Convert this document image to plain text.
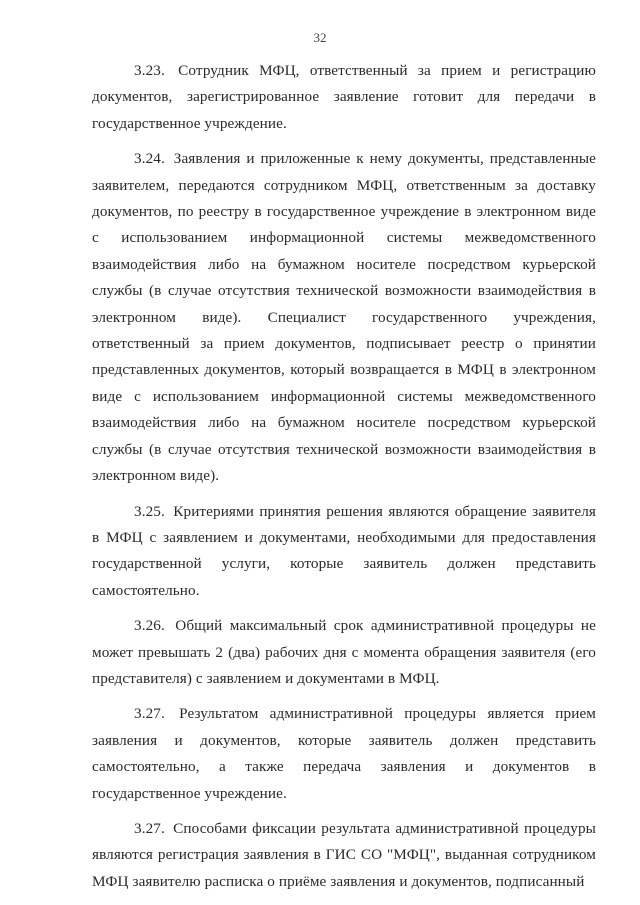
32

3.23. Сотрудник МФЦ, ответственный за прием и регистрацию документов, зарегистрированное заявление готовит для передачи в государственное учреждение.

3.24. Заявления и приложенные к нему документы, представленные заявителем, передаются сотрудником МФЦ, ответственным за доставку документов, по реестру в государственное учреждение в электронном виде с использованием информационной системы межведомственного взаимодействия либо на бумажном носителе посредством курьерской службы (в случае отсутствия технической возможности взаимодействия в электронном виде). Специалист государственного учреждения, ответственный за прием документов, подписывает реестр о принятии представленных документов, который возвращается в МФЦ в электронном виде с использованием информационной системы межведомственного взаимодействия либо на бумажном носителе посредством курьерской службы (в случае отсутствия технической возможности взаимодействия в электронном виде).

3.25. Критериями принятия решения являются обращение заявителя в МФЦ с заявлением и документами, необходимыми для предоставления государственной услуги, которые заявитель должен представить самостоятельно.

3.26. Общий максимальный срок административной процедуры не может превышать 2 (два) рабочих дня с момента обращения заявителя (его представителя) с заявлением и документами в МФЦ.

3.27. Результатом административной процедуры является прием заявления и документов, которые заявитель должен представить самостоятельно, а также передача заявления и документов в государственное учреждение.

3.27. Способами фиксации результата административной процедуры являются регистрация заявления в ГИС СО "МФЦ", выданная сотрудником МФЦ заявителю расписка о приёме заявления и документов, подписанный
